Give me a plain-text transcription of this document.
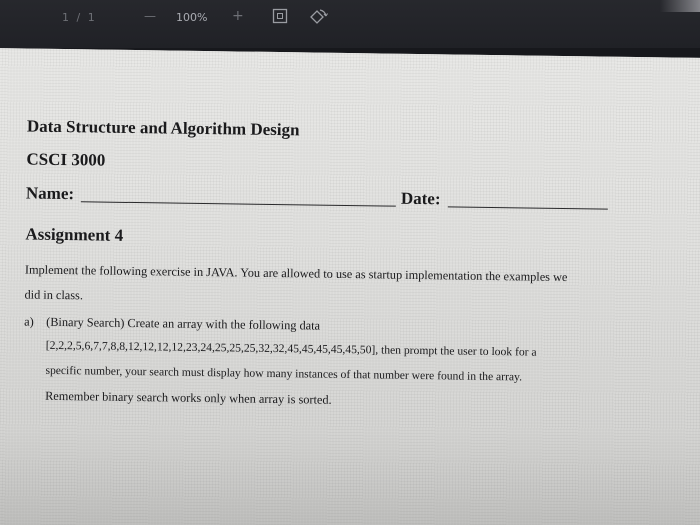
1 / 1	— 100% +
Data Structure and Algorithm Design
CSCI 3000
Name:	Date:
Assignment 4
Implement the following exercise in JAVA. You are allowed to use as startup implementation the examples we
did in class.
a) (Binary Search) Create an array with the following data
[2,2,2,5,6,7,7,8,8,12,12,12,12,23,24,25,25,25,32,32,45,45,45,45,45,50], then prompt the user to look for a
specific number, your search must display how many instances of that number were found in the array.
Remember binary search works only when array is sorted.
